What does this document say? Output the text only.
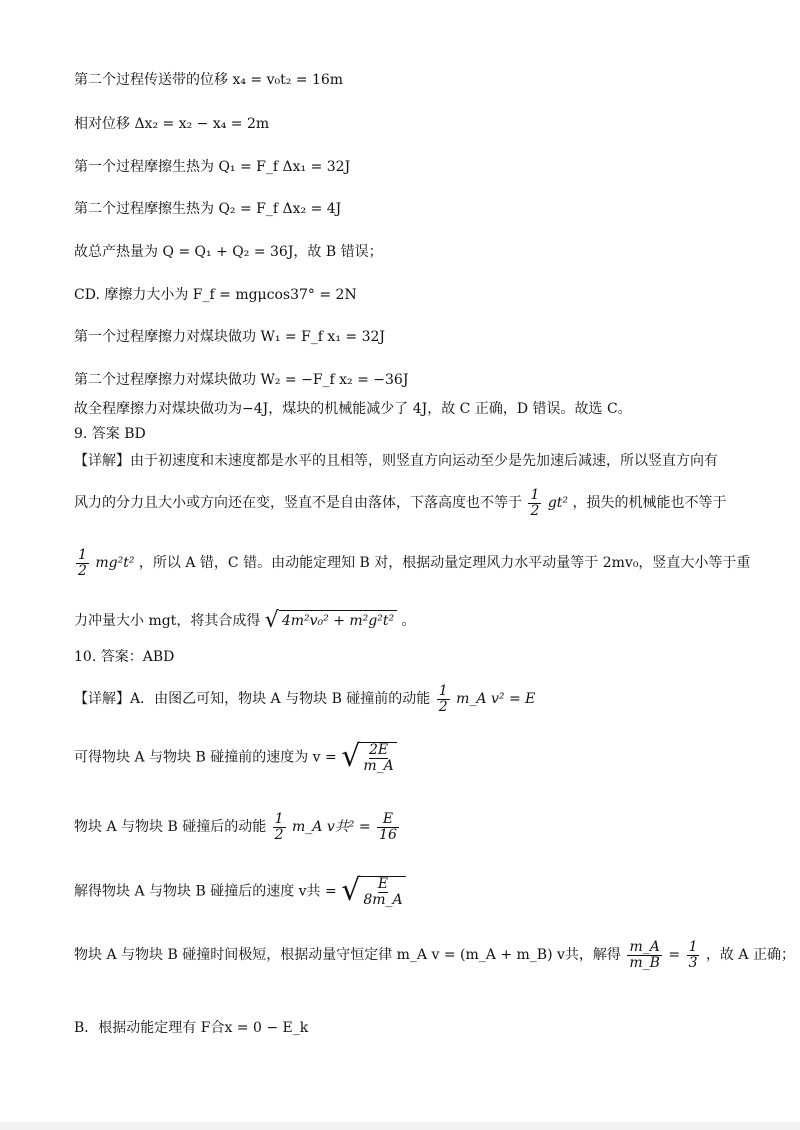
第二个过程传送带的位移 x₄ = v₀t₂ = 16m
相对位移 Δx₂ = x₂ − x₄ = 2m
第一个过程摩擦生热为 Q₁ = F_f Δx₁ = 32J
第二个过程摩擦生热为 Q₂ = F_f Δx₂ = 4J
故总产热量为 Q = Q₁ + Q₂ = 36J，故 B 错误；
CD. 摩擦力大小为 F_f = mgμcos37° = 2N
第一个过程摩擦力对煤块做功 W₁ = F_f x₁ = 32J
第二个过程摩擦力对煤块做功 W₂ = −F_f x₂ = −36J
故全程摩擦力对煤块做功为−4J，煤块的机械能减少了 4J，故 C 正确，D 错误。故选 C。
9. 答案 BD
【详解】由于初速度和末速度都是水平的且相等，则竖直方向运动至少是先加速后减速，所以竖直方向有
风力的分力且大小或方向还在变，竖直不是自由落体，下落高度也不等于 $\frac{1}{2} gt^2$ ，损失的机械能也不等于
$\frac{1}{2} mg^2t^2$ ，所以 A 错，C 错。由动能定理知 B 对，根据动量定理风力水平动量等于 2mv₀，竖直大小等于重
力冲量大小 mgt，将其合成得 √ 4m²v₀² + m²g²t² 。
10. 答案：ABD
【详解】A．由图乙可知，物块 A 与物块 B 碰撞前的动能 $\frac{1}{2}$ m_A v² = E
可得物块 A 与物块 B 碰撞前的速度为 v = √ $\frac{2E}{m\_A}$
物块 A 与物块 B 碰撞后的动能 $\frac{1}{2}$ m_A v共$^2 = \frac{E}{16}$
解得物块 A 与物块 B 碰撞后的速度 v共 = √ $\frac{E}{8m\_A}$
物块 A 与物块 B 碰撞时间极短，根据动量守恒定律 m_A v = (m_A + m_B) v共，解得 $\frac{m\_A}{m\_B} = \frac{1}{3}$ ，故 A 正确；
B．根据动能定理有 F合x = 0 − E_k
